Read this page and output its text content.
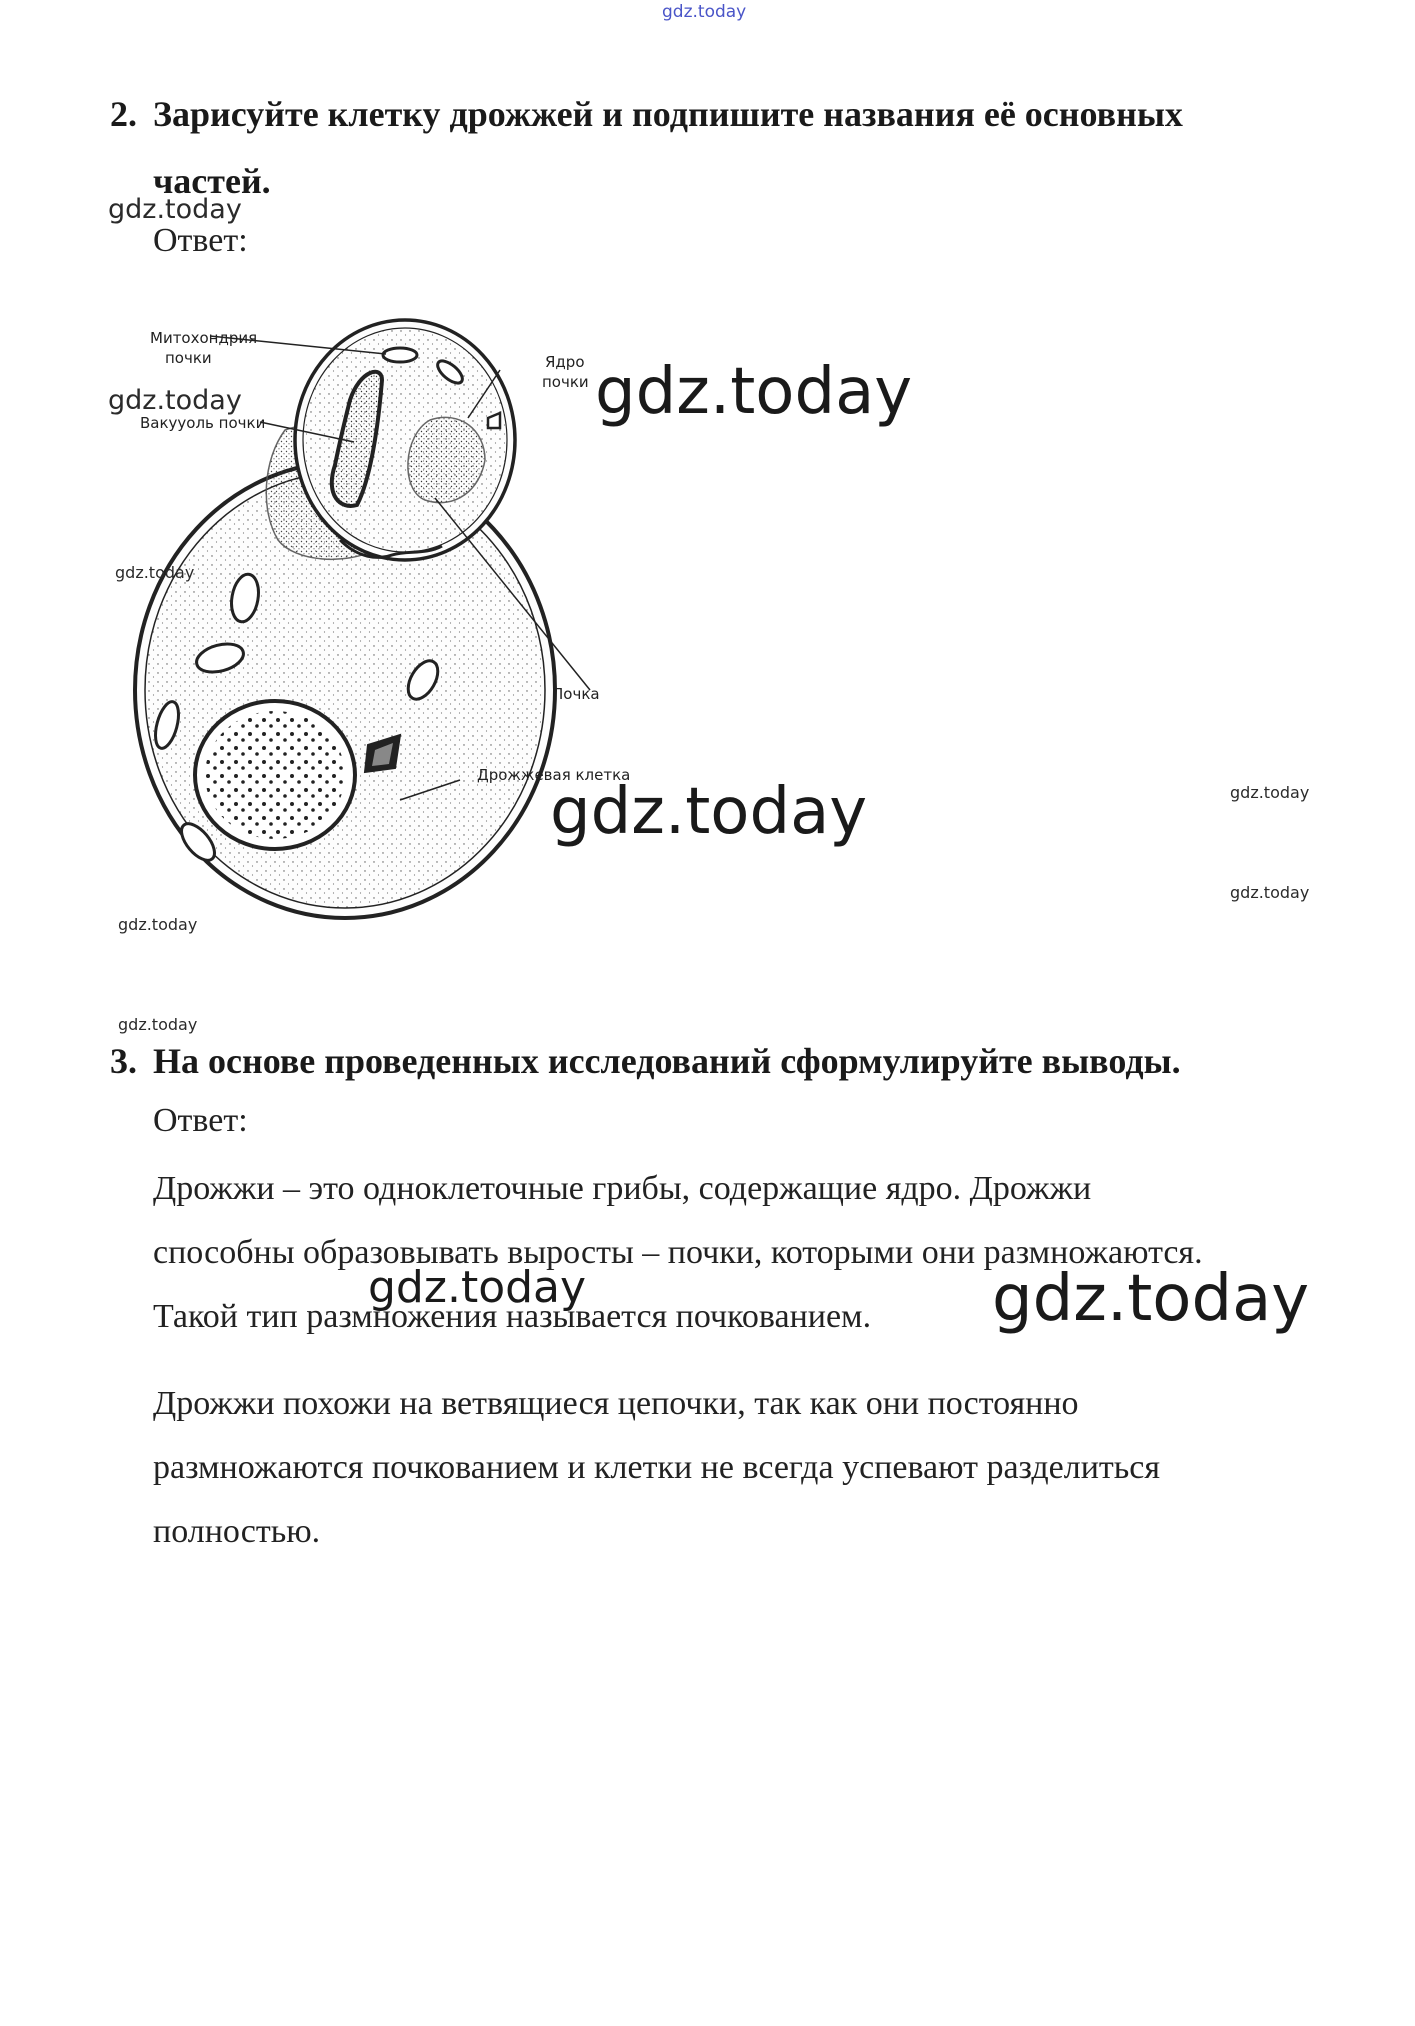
gdz.today
2. Зарисуйте клетку дрожжей и подпишите названия её основных
частей.
Ответ:
Митохондрия
почки	Ядро
почки
Вакууоль почки
Почка
Дрожжевая клетка
3. На основе проведенных исследований сформулируйте выводы.
Ответ:
Дрожжи – это одноклеточные грибы, содержащие ядро. Дрожжи
способны образовывать выросты – почки, которыми они размножаются.
Такой тип размножения называется почкованием.
Дрожжи похожи на ветвящиеся цепочки, так как они постоянно
размножаются почкованием и клетки не всегда успевают разделиться
полностью.
gdz.today
gdz.today
gdz.today
gdz.today
gdz.today
gdz.today
gdz.today
gdz.today
gdz.today
gdz.today	gdz.today
